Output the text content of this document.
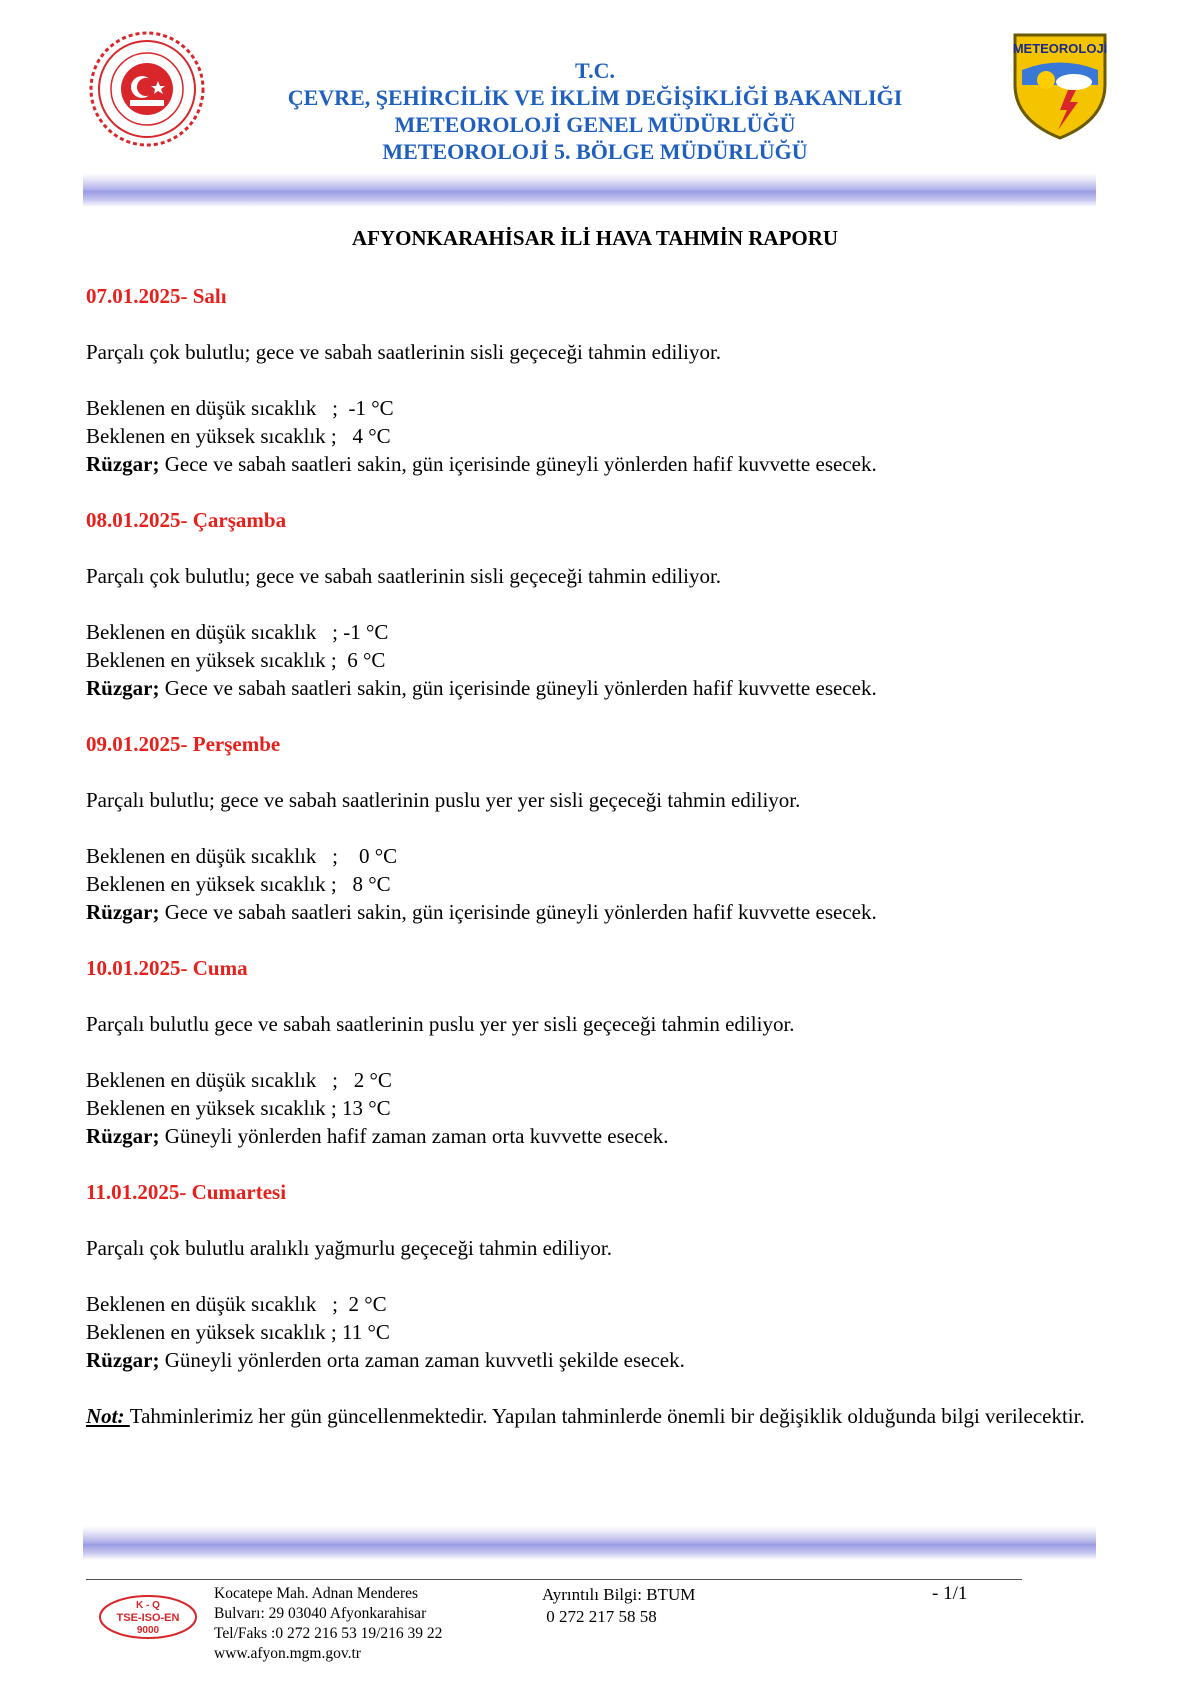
METEOROLOJİ
T.C.
ÇEVRE, ŞEHİRCİLİK VE İKLİM DEĞİŞİKLİĞİ BAKANLIĞI
METEOROLOJİ GENEL MÜDÜRLÜĞÜ
METEOROLOJİ 5. BÖLGE MÜDÜRLÜĞÜ
AFYONKARAHİSAR İLİ HAVA TAHMİN RAPORU
07.01.2025- Salı
Parçalı çok bulutlu; gece ve sabah saatlerinin sisli geçeceği tahmin ediliyor.
Beklenen en düşük sıcaklık   ;  -1 °C
Beklenen en yüksek sıcaklık ;   4 °C
Rüzgar; Gece ve sabah saatleri sakin, gün içerisinde güneyli yönlerden hafif kuvvette esecek.
08.01.2025- Çarşamba
Parçalı çok bulutlu; gece ve sabah saatlerinin sisli geçeceği tahmin ediliyor.
Beklenen en düşük sıcaklık   ; -1 °C
Beklenen en yüksek sıcaklık ;  6 °C
Rüzgar; Gece ve sabah saatleri sakin, gün içerisinde güneyli yönlerden hafif kuvvette esecek.
09.01.2025- Perşembe
Parçalı bulutlu; gece ve sabah saatlerinin puslu yer yer sisli geçeceği tahmin ediliyor.
Beklenen en düşük sıcaklık   ;    0 °C
Beklenen en yüksek sıcaklık ;   8 °C
Rüzgar; Gece ve sabah saatleri sakin, gün içerisinde güneyli yönlerden hafif kuvvette esecek.
10.01.2025- Cuma
Parçalı bulutlu gece ve sabah saatlerinin puslu yer yer sisli geçeceği tahmin ediliyor.
Beklenen en düşük sıcaklık   ;   2 °C
Beklenen en yüksek sıcaklık ; 13 °C
Rüzgar; Güneyli yönlerden hafif zaman zaman orta kuvvette esecek.
11.01.2025- Cumartesi
Parçalı çok bulutlu aralıklı yağmurlu geçeceği tahmin ediliyor.
Beklenen en düşük sıcaklık   ;  2 °C
Beklenen en yüksek sıcaklık ; 11 °C
Rüzgar; Güneyli yönlerden orta zaman zaman kuvvetli şekilde esecek.
Not: Tahminlerimiz her gün güncellenmektedir. Yapılan tahminlerde önemli bir değişiklik olduğunda bilgi verilecektir.
K - Q
TSE-ISO-EN
9000
Kocatepe Mah. Adnan Menderes
Bulvarı: 29 03040 Afyonkarahisar
Tel/Faks :0 272 216 53 19/216 39 22
www.afyon.mgm.gov.tr
Ayrıntılı Bilgi: BTUM
0 272 217 58 58
- 1/1
